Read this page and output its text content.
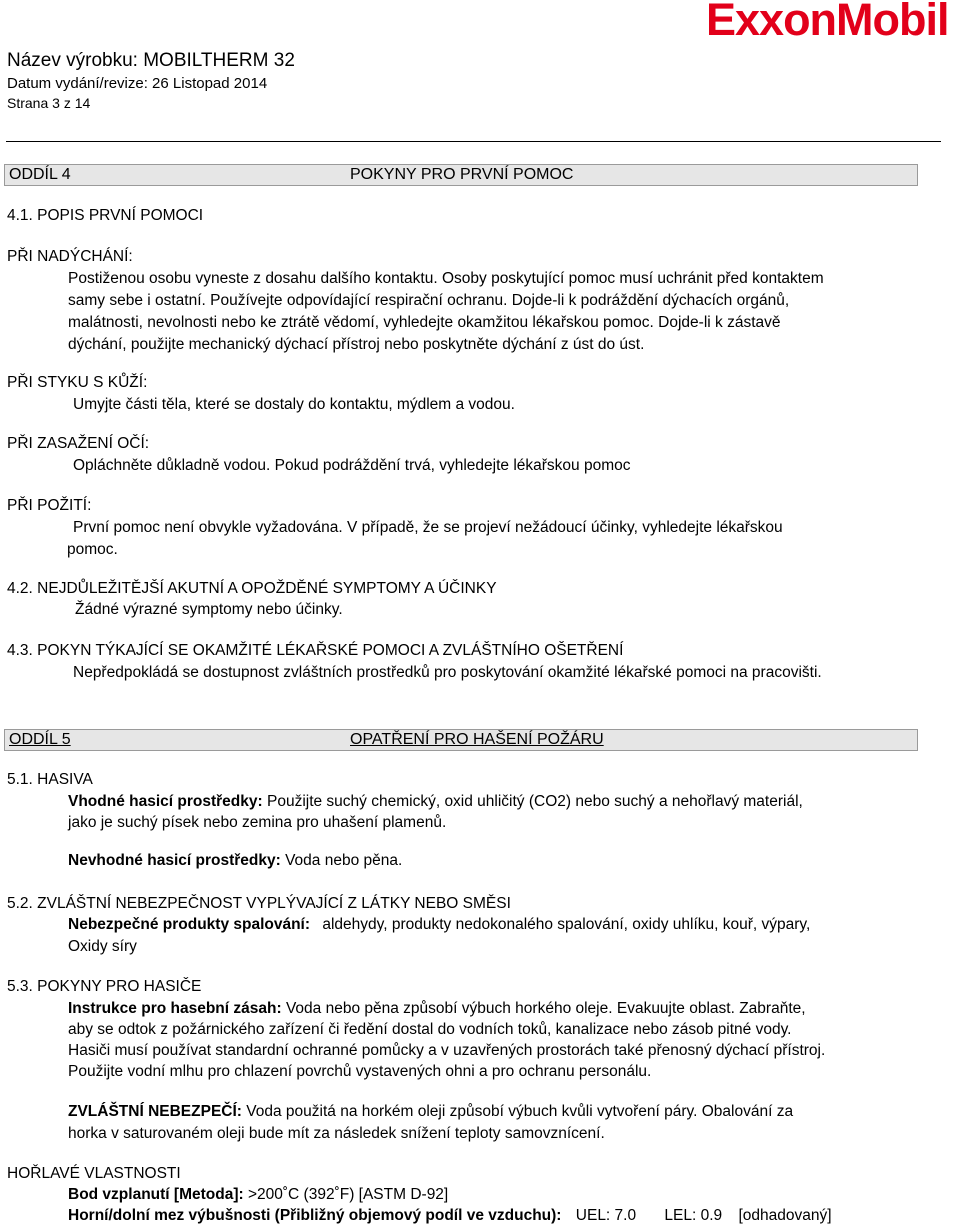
ExxonMobil
Název výrobku: MOBILTHERM 32
Datum vydání/revize: 26 Listopad 2014
Strana 3 z 14
ODDÍL 4	POKYNY PRO PRVNÍ POMOC
4.1. POPIS PRVNÍ POMOCI
PŘI NADÝCHÁNÍ:
Postiženou osobu vyneste z dosahu dalšího kontaktu. Osoby poskytující pomoc musí uchránit před kontaktem
samy sebe i ostatní. Používejte odpovídající respirační ochranu. Dojde-li k podráždění dýchacích orgánů,
malátnosti, nevolnosti nebo ke ztrátě vědomí, vyhledejte okamžitou lékařskou pomoc. Dojde-li k zástavě
dýchání, použijte mechanický dýchací přístroj nebo poskytněte dýchání z úst do úst.
PŘI STYKU S KŮŽÍ:
Umyjte části těla, které se dostaly do kontaktu, mýdlem a vodou.
PŘI ZASAŽENÍ OČÍ:
Opláchněte důkladně vodou. Pokud podráždění trvá, vyhledejte lékařskou pomoc
PŘI POŽITÍ:
První pomoc není obvykle vyžadována. V případě, že se projeví nežádoucí účinky, vyhledejte lékařskou
pomoc.
4.2. NEJDŮLEŽITĚJŠÍ AKUTNÍ A OPOŽDĚNÉ SYMPTOMY A ÚČINKY
Žádné výrazné symptomy nebo účinky.
4.3. POKYN TÝKAJÍCÍ SE OKAMŽITÉ LÉKAŘSKÉ POMOCI A ZVLÁŠTNÍHO OŠETŘENÍ
Nepředpokládá se dostupnost zvláštních prostředků pro poskytování okamžité lékařské pomoci na pracovišti.
ODDÍL 5	OPATŘENÍ PRO HAŠENÍ POŽÁRU
5.1. HASIVA
Vhodné hasicí prostředky: Použijte suchý chemický, oxid uhličitý (CO2) nebo suchý a nehořlavý materiál,
jako je suchý písek nebo zemina pro uhašení plamenů.
Nevhodné hasicí prostředky: Voda nebo pěna.
5.2. ZVLÁŠTNÍ NEBEZPEČNOST VYPLÝVAJÍCÍ Z LÁTKY NEBO SMĚSI
Nebezpečné produkty spalování: aldehydy, produkty nedokonalého spalování, oxidy uhlíku, kouř, výpary,
Oxidy síry
5.3. POKYNY PRO HASIČE
Instrukce pro hasební zásah: Voda nebo pěna způsobí výbuch horkého oleje. Evakuujte oblast. Zabraňte,
aby se odtok z požárnického zařízení či ředění dostal do vodních toků, kanalizace nebo zásob pitné vody.
Hasiči musí používat standardní ochranné pomůcky a v uzavřených prostorách také přenosný dýchací přístroj.
Použijte vodní mlhu pro chlazení povrchů vystavených ohni a pro ochranu personálu.
ZVLÁŠTNÍ NEBEZPEČÍ: Voda použitá na horkém oleji způsobí výbuch kvůli vytvoření páry. Obalování za
horka v saturovaném oleji bude mít za následek snížení teploty samovznícení.
HOŘLAVÉ VLASTNOSTI
Bod vzplanutí [Metoda]: >200˚C (392˚F) [ASTM D-92]
Horní/dolní mez výbušnosti (Přibližný objemový podíl ve vzduchu): UEL: 7.0 LEL: 0.9 [odhadovaný]
